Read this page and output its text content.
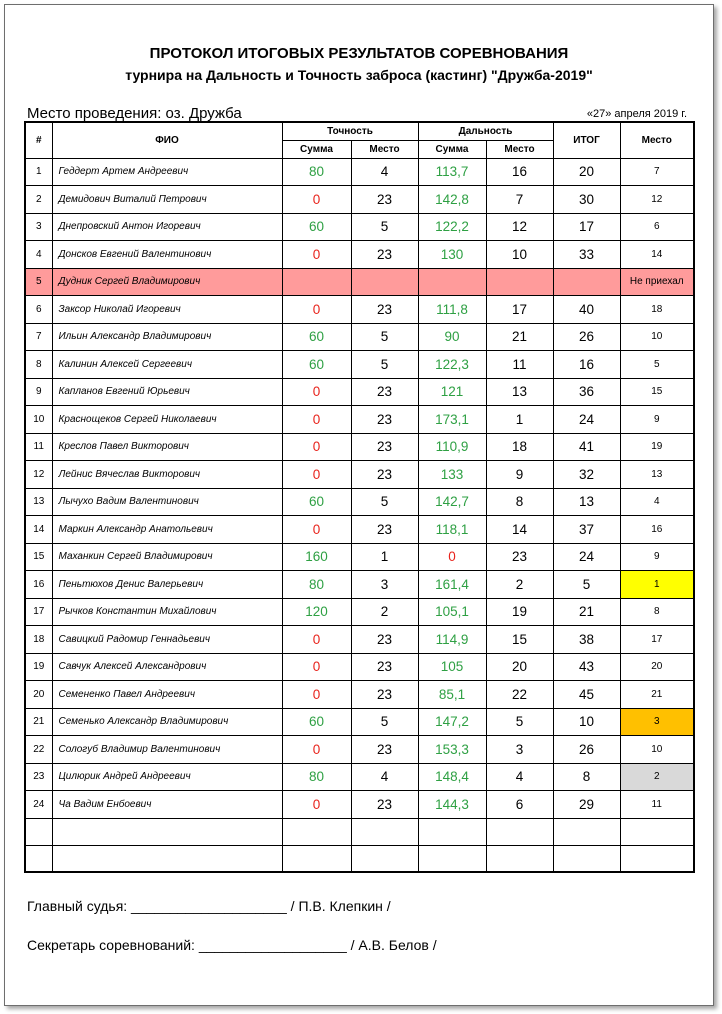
ПРОТОКОЛ ИТОГОВЫХ РЕЗУЛЬТАТОВ СОРЕВНОВАНИЯ
турнира на Дальность и Точность заброса (кастинг) "Дружба-2019"
Место проведения: оз. Дружба	«27» апреля 2019 г.
#	ФИО	Точность		Дальность		ИТОГ	Место
		Сумма	Место	Сумма	Место		
1	Геддерт Артем Андреевич	80	4	113,7	16	20	7
2	Демидович Виталий Петрович	0	23	142,8	7	30	12
3	Днепровский Антон Игоревич	60	5	122,2	12	17	6
4	Донсков Евгений Валентинович	0	23	130	10	33	14
5	Дудник Сергей Владимирович						Не приехал
6	Заксор Николай Игоревич	0	23	111,8	17	40	18
7	Ильин Александр Владимирович	60	5	90	21	26	10
8	Калинин Алексей Сергеевич	60	5	122,3	11	16	5
9	Капланов Евгений Юрьевич	0	23	121	13	36	15
10	Краснощеков Сергей Николаевич	0	23	173,1	1	24	9
11	Креслов Павел Викторович	0	23	110,9	18	41	19
12	Лейнис Вячеслав Викторович	0	23	133	9	32	13
13	Лычухо Вадим Валентинович	60	5	142,7	8	13	4
14	Маркин Александр Анатольевич	0	23	118,1	14	37	16
15	Маханкин Сергей Владимирович	160	1	0	23	24	9
16	Пеньтюхов Денис Валерьевич	80	3	161,4	2	5	1
17	Рычков Константин Михайлович	120	2	105,1	19	21	8
18	Савицкий Радомир Геннадьевич	0	23	114,9	15	38	17
19	Савчук Алексей Александрович	0	23	105	20	43	20
20	Семененко Павел Андреевич	0	23	85,1	22	45	21
21	Семенько Александр Владимирович	60	5	147,2	5	10	3
22	Сологуб Владимир Валентинович	0	23	153,3	3	26	10
23	Цилюрик Андрей Андреевич	80	4	148,4	4	8	2
24	Ча Вадим Енбоевич	0	23	144,3	6	29	11

Главный судья: ____________________ / П.В. Клепкин /
Секретарь соревнований: ___________________ / А.В. Белов /
